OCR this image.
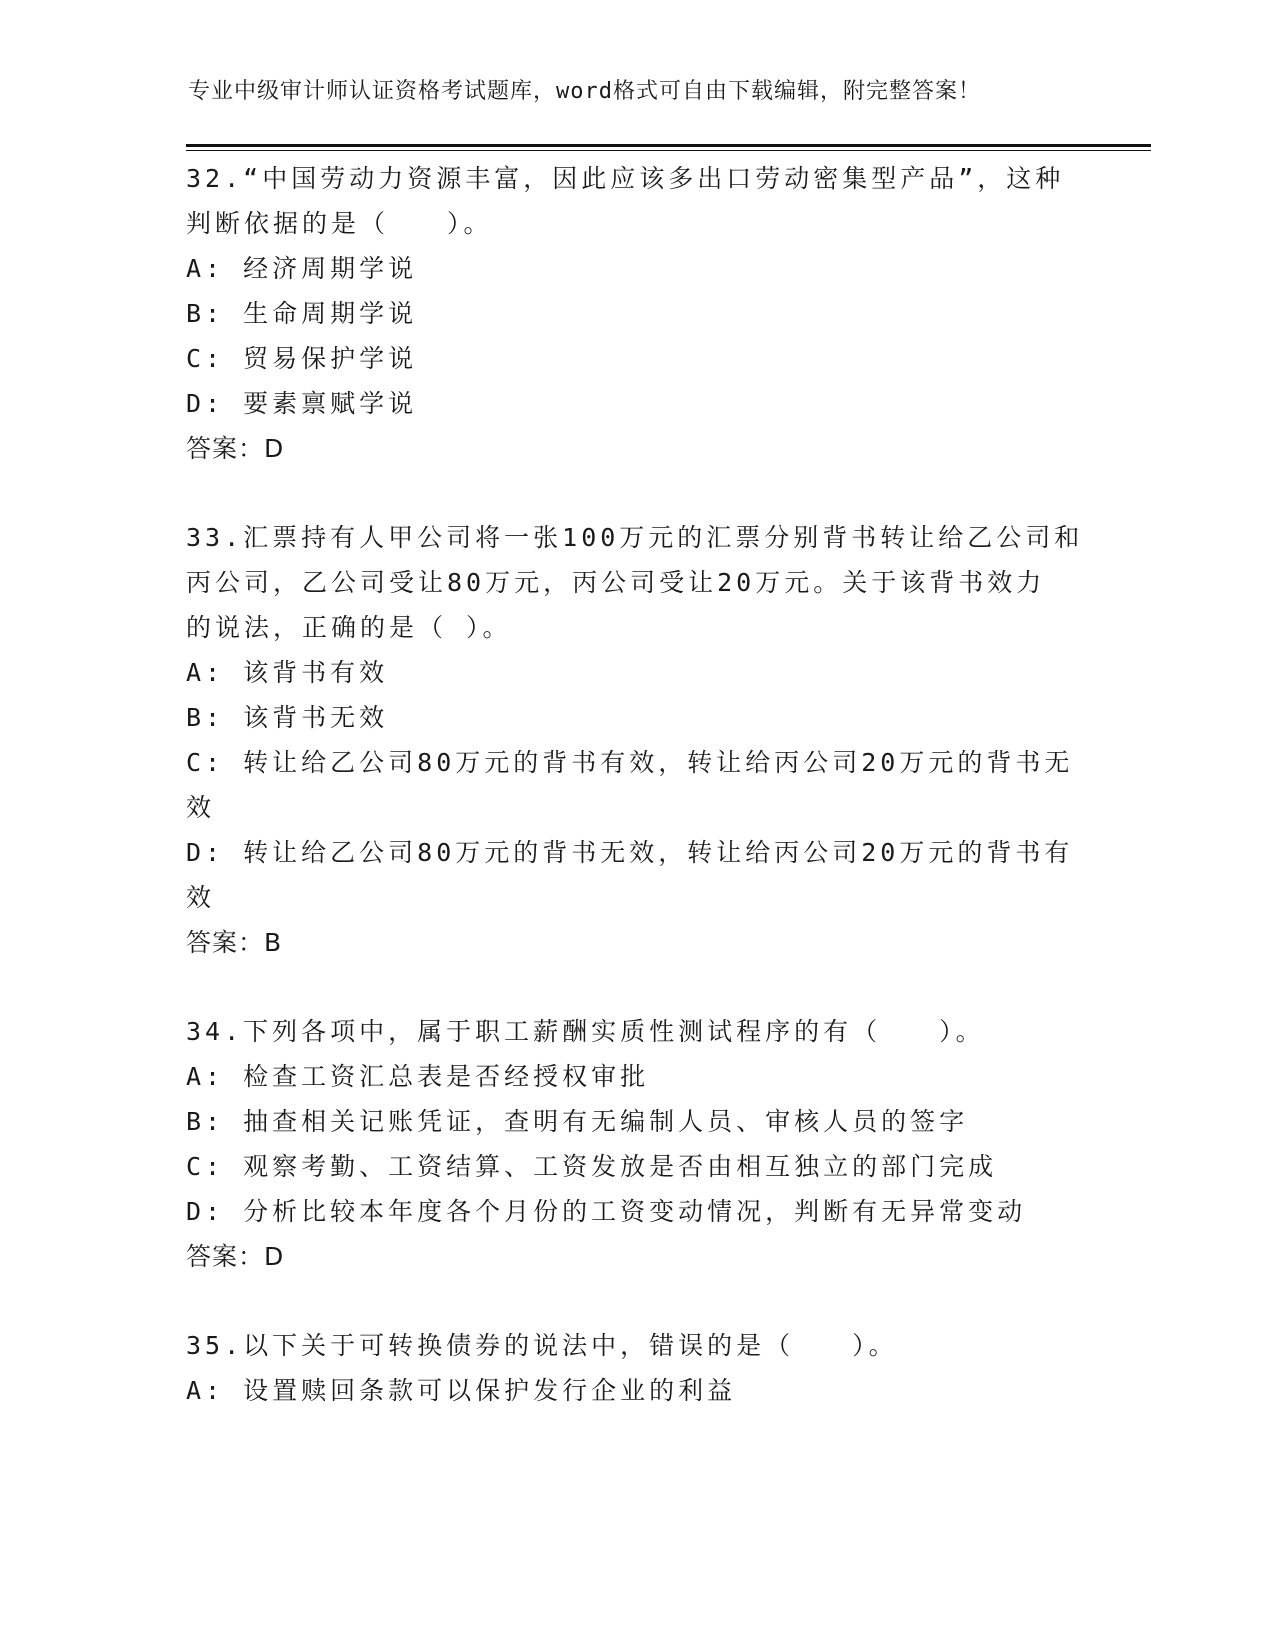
专业中级审计师认证资格考试题库，word格式可自由下载编辑，附完整答案！
32.“中国劳动力资源丰富，因此应该多出口劳动密集型产品”，这种
判断依据的是（　　）。
A: 经济周期学说
B: 生命周期学说
C: 贸易保护学说
D: 要素禀赋学说
答案：D
33.汇票持有人甲公司将一张100万元的汇票分别背书转让给乙公司和
丙公司，乙公司受让80万元，丙公司受让20万元。关于该背书效力
的说法，正确的是（ ）。
A: 该背书有效
B: 该背书无效
C: 转让给乙公司80万元的背书有效，转让给丙公司20万元的背书无
效
D: 转让给乙公司80万元的背书无效，转让给丙公司20万元的背书有
效
答案：B
34.下列各项中，属于职工薪酬实质性测试程序的有（　　）。
A: 检查工资汇总表是否经授权审批
B: 抽查相关记账凭证，查明有无编制人员、审核人员的签字
C: 观察考勤、工资结算、工资发放是否由相互独立的部门完成
D: 分析比较本年度各个月份的工资变动情况，判断有无异常变动
答案：D
35.以下关于可转换债券的说法中，错误的是（　　）。
A: 设置赎回条款可以保护发行企业的利益
